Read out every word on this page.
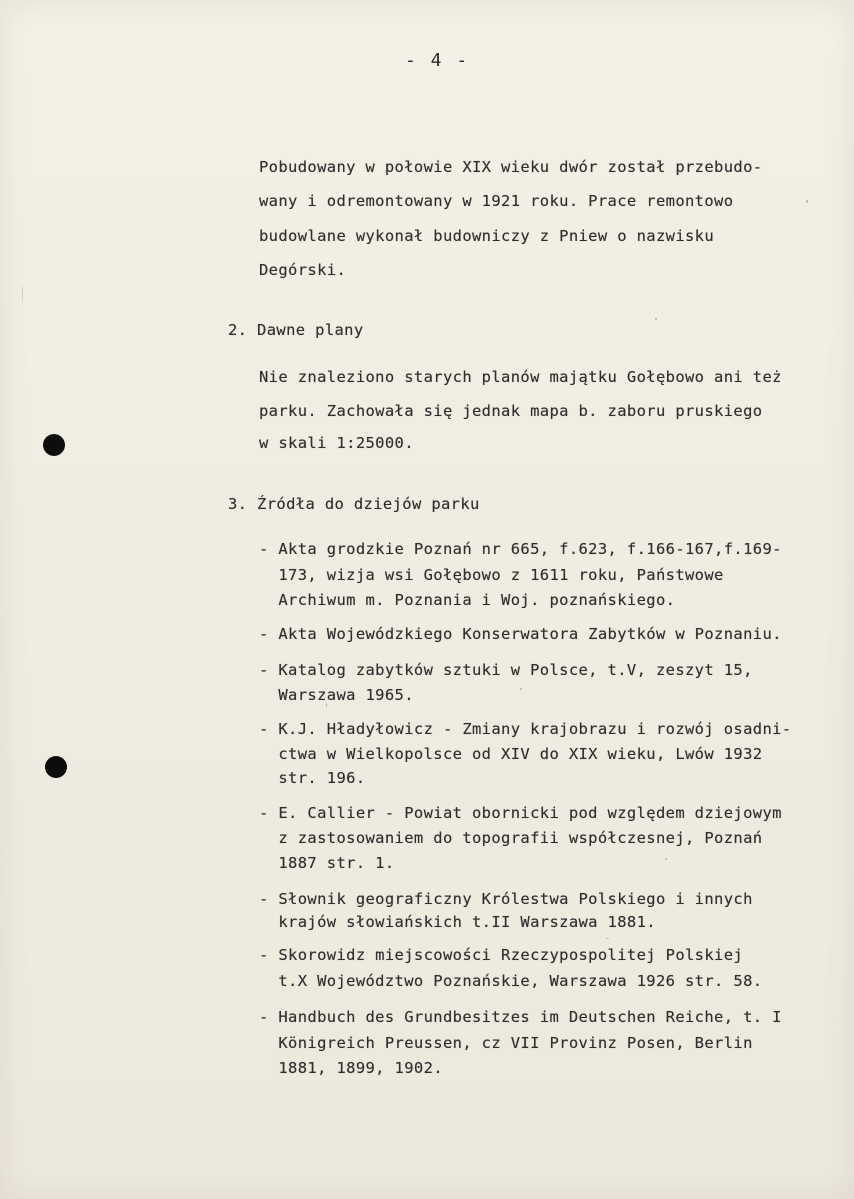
- 4 -
Pobudowany w połowie XIX wieku dwór został przebudo-
wany i odremontowany w 1921 roku. Prace remontowo
budowlane wykonał budowniczy z Pniew o nazwisku
Degórski.
2. Dawne plany
Nie znaleziono starych planów majątku Gołębowo ani też
parku. Zachowała się jednak mapa b. zaboru pruskiego
w skali 1:25000.
3. Źródła do dziejów parku
- Akta grodzkie Poznań nr 665, f.623, f.166-167,f.169-
173, wizja wsi Gołębowo z 1611 roku, Państwowe
Archiwum m. Poznania i Woj. poznańskiego.
- Akta Wojewódzkiego Konserwatora Zabytków w Poznaniu.
- Katalog zabytków sztuki w Polsce, t.V, zeszyt 15,
Warszawa 1965.
- K.J. Hładyłowicz - Zmiany krajobrazu i rozwój osadni-
ctwa w Wielkopolsce od XIV do XIX wieku, Lwów 1932
str. 196.
- E. Callier - Powiat obornicki pod względem dziejowym
z zastosowaniem do topografii współczesnej, Poznań
1887 str. 1.
- Słownik geograficzny Królestwa Polskiego i innych
krajów słowiańskich t.II Warszawa 1881.
- Skorowidz miejscowości Rzeczypospolitej Polskiej
t.X Województwo Poznańskie, Warszawa 1926 str. 58.
- Handbuch des Grundbesitzes im Deutschen Reiche, t. I
Königreich Preussen, cz VII Provinz Posen, Berlin
1881, 1899, 1902.
